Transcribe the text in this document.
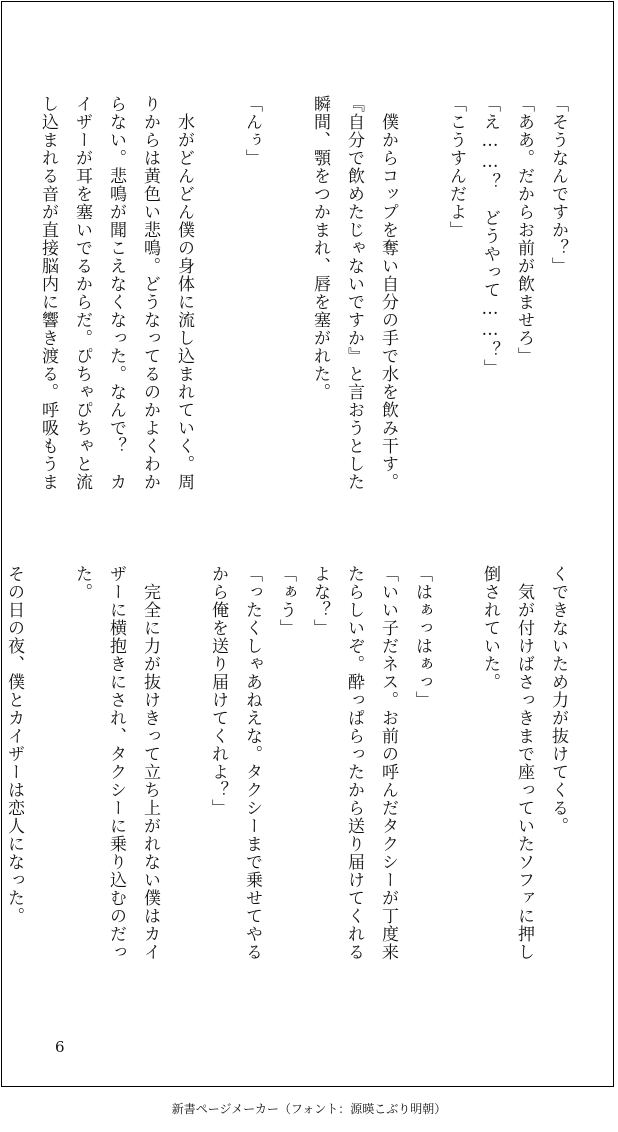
「そうなんですか？」

「ああ。だからお前が飲ませろ」

「え……？　どうやって……？」

「こうすんだよ」

　僕からコップを奪い自分の手で水を飲み干す。

『自分で飲めたじゃないですか』と言おうとした

瞬間、顎をつかまれ、唇を塞がれた。

「んぅ」

　水がどんどん僕の身体に流し込まれていく。周

りからは黄色い悲鳴。どうなってるのかよくわか

らない。悲鳴が聞こえなくなった。なんで？　カ

イザーが耳を塞いでるからだ。ぴちゃぴちゃと流

し込まれる音が直接脳内に響き渡る。呼吸もうま

くできないため力が抜けてくる。

　気が付けばさっきまで座っていたソファに押し

倒されていた。

「はぁっはぁっ」

「いい子だネス。お前の呼んだタクシーが丁度来

たらしいぞ。酔っぱらったから送り届けてくれる

よな？」

「ぁう」

「ったくしゃあねえな。タクシーまで乗せてやる

から俺を送り届けてくれよ？」

　完全に力が抜けきって立ち上がれない僕はカイ

ザーに横抱きにされ、タクシーに乗り込むのだっ

た。

その日の夜、僕とカイザーは恋人になった。

6
新書ページメーカー（フォント：源暎こぶり明朝）
